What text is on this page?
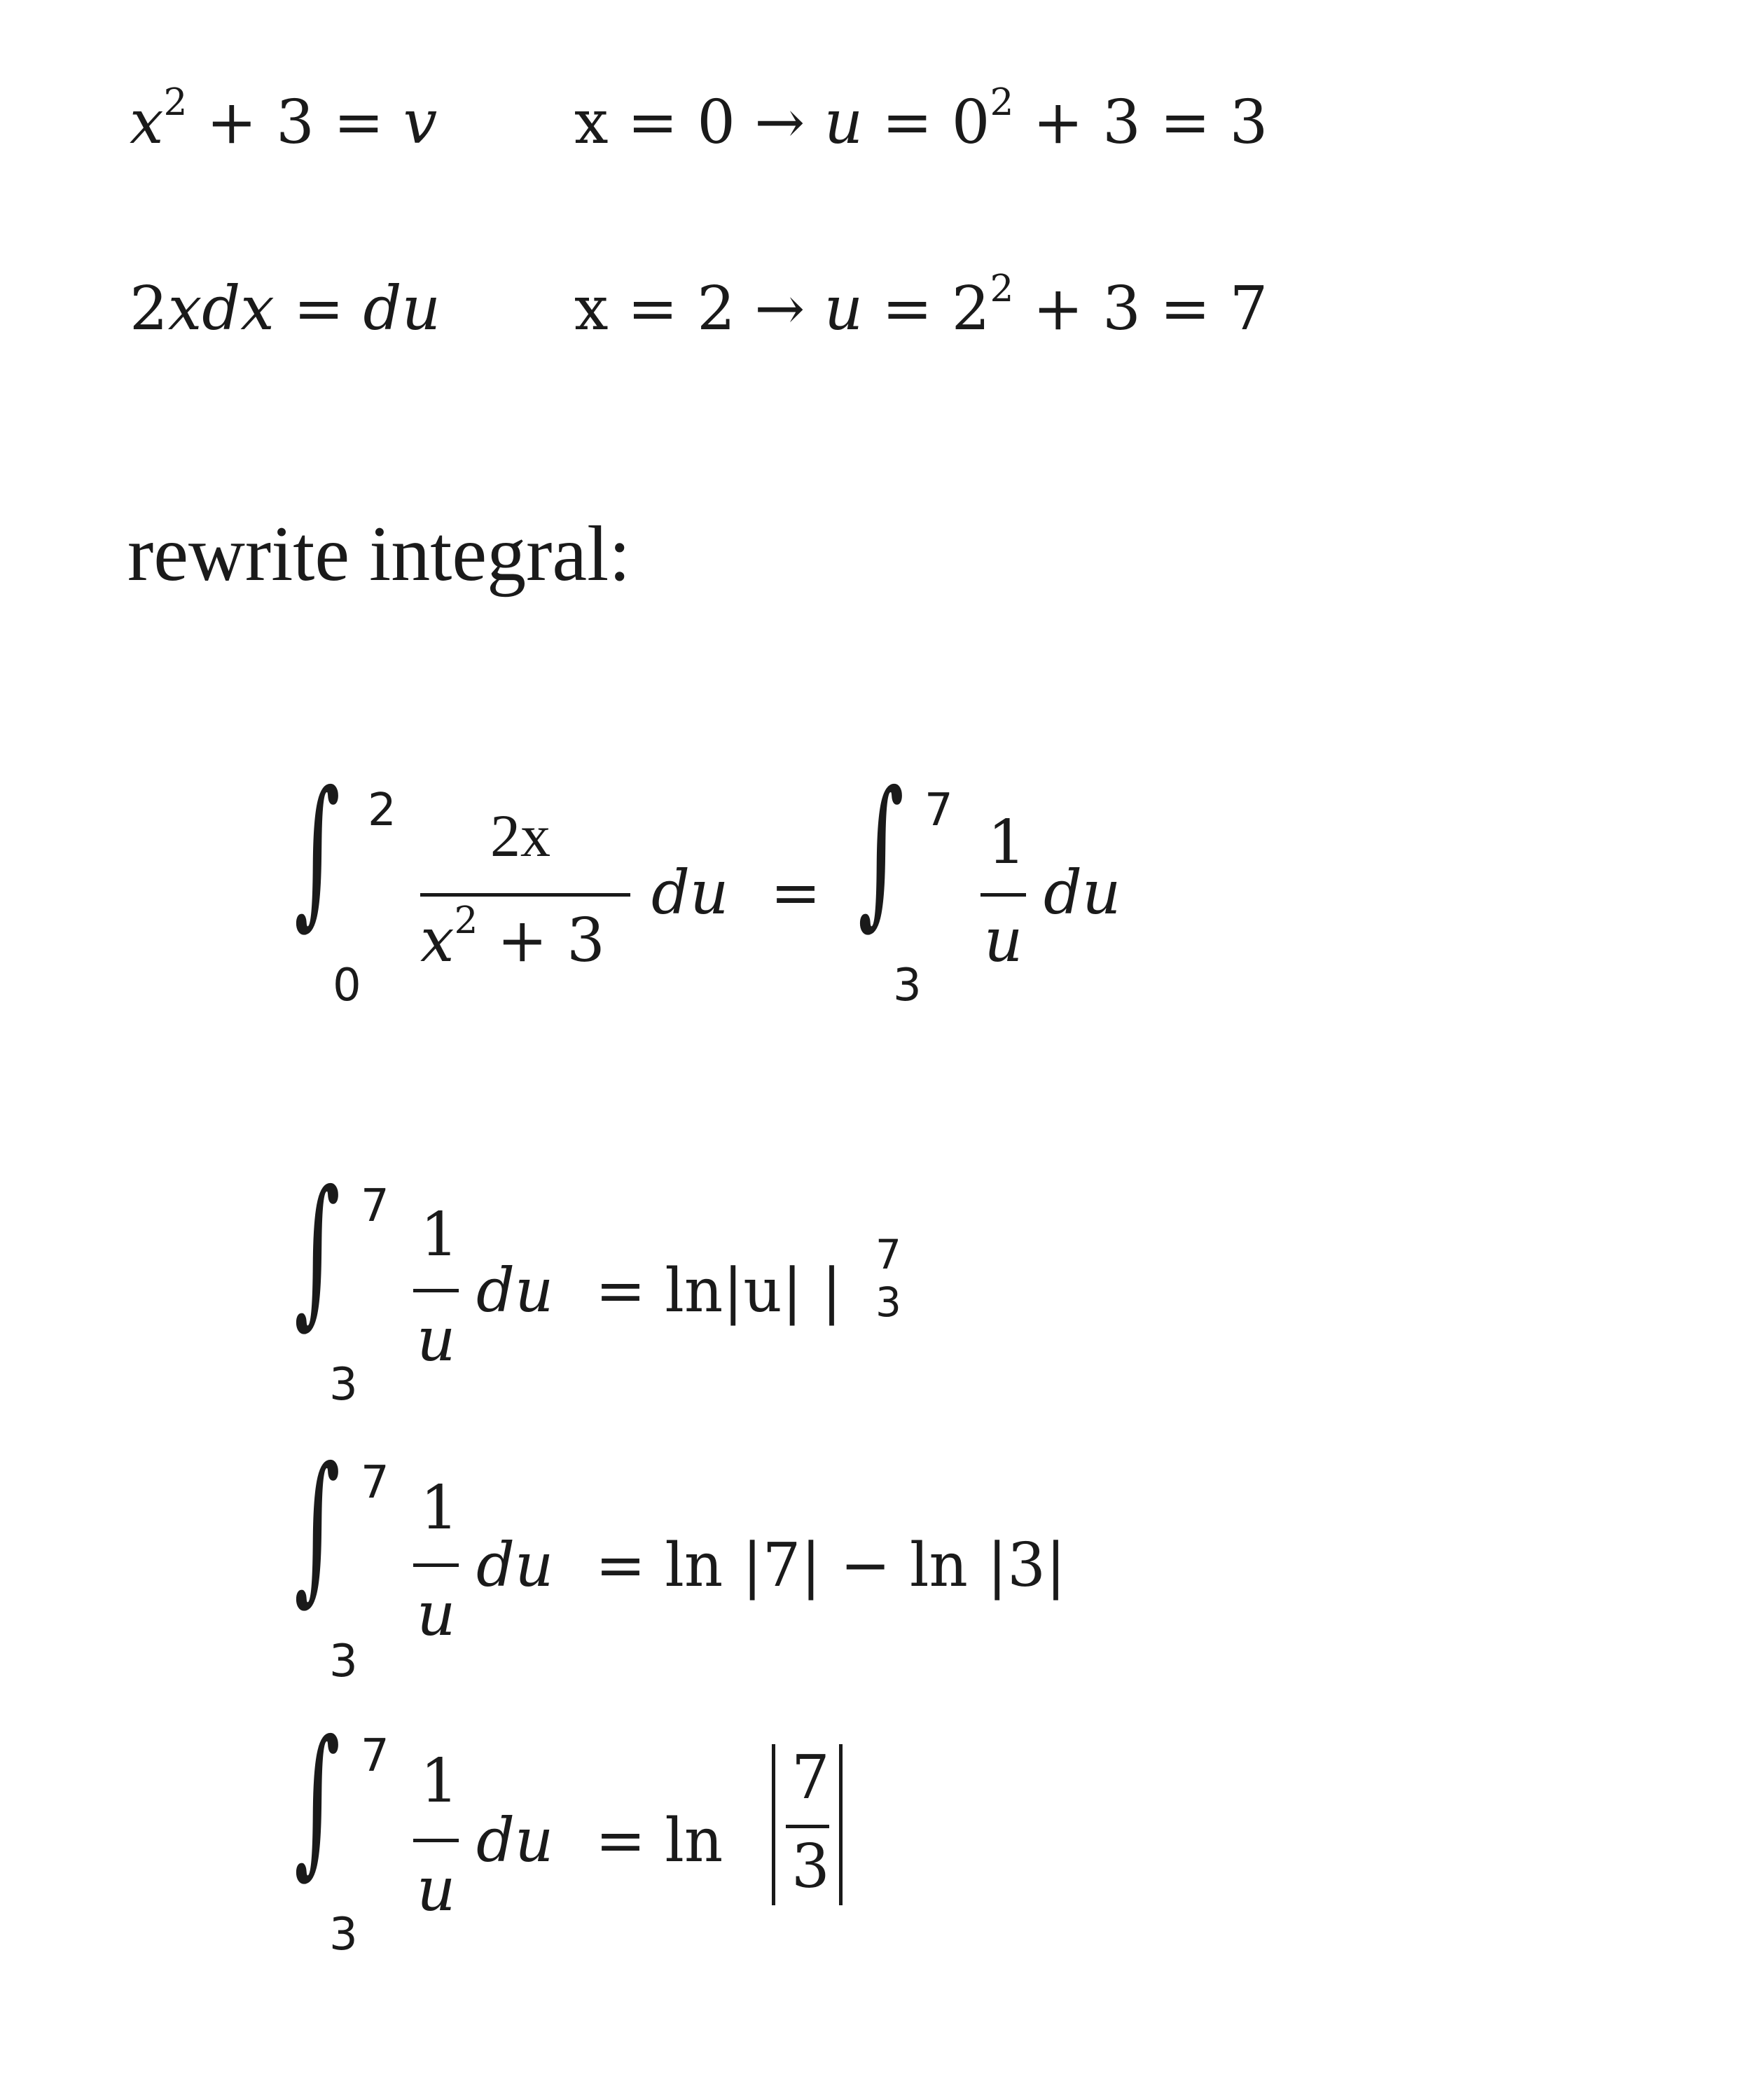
$x^2 + 3 = v$ $x = 0 \to u = 0^2 + 3 = 3$
2xdx = du $x = 2 \to u = 2^2 + 3 = 7$
rewrite integral:
∫ 2
0
2x
$x^2 + 3$
du = ∫ 7
3
1
u
du
∫ 7
3
1
u
du = ln|u| |
7
3
∫ 7
3
1
u
du = ln |7| − ln |3|
∫ 7
3
1
u
du = ln
7
3
